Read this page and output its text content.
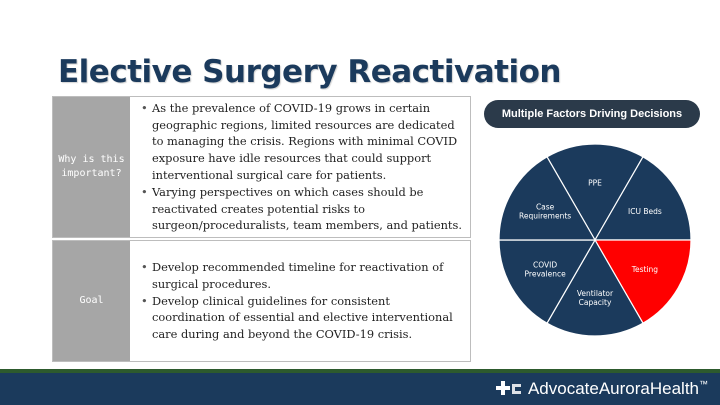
Elective Surgery Reactivation
Why is this important?
• As the prevalence of COVID-19 grows in certain geographic regions, limited resources are dedicated to managing the crisis. Regions with minimal COVID exposure have idle resources that could support interventional surgical care for patients.
• Varying perspectives on which cases should be reactivated creates potential risks to surgeon/proceduralists, team members, and patients.
Goal
• Develop recommended timeline for reactivation of surgical procedures.
• Develop clinical guidelines for consistent coordination of essential and elective interventional care during and beyond the COVID-19 crisis.
Multiple Factors Driving Decisions
PPE
ICU Beds
Testing
Ventilator Capacity
COVID Prevalence
Case Requirements
AdvocateAuroraHealth ™
